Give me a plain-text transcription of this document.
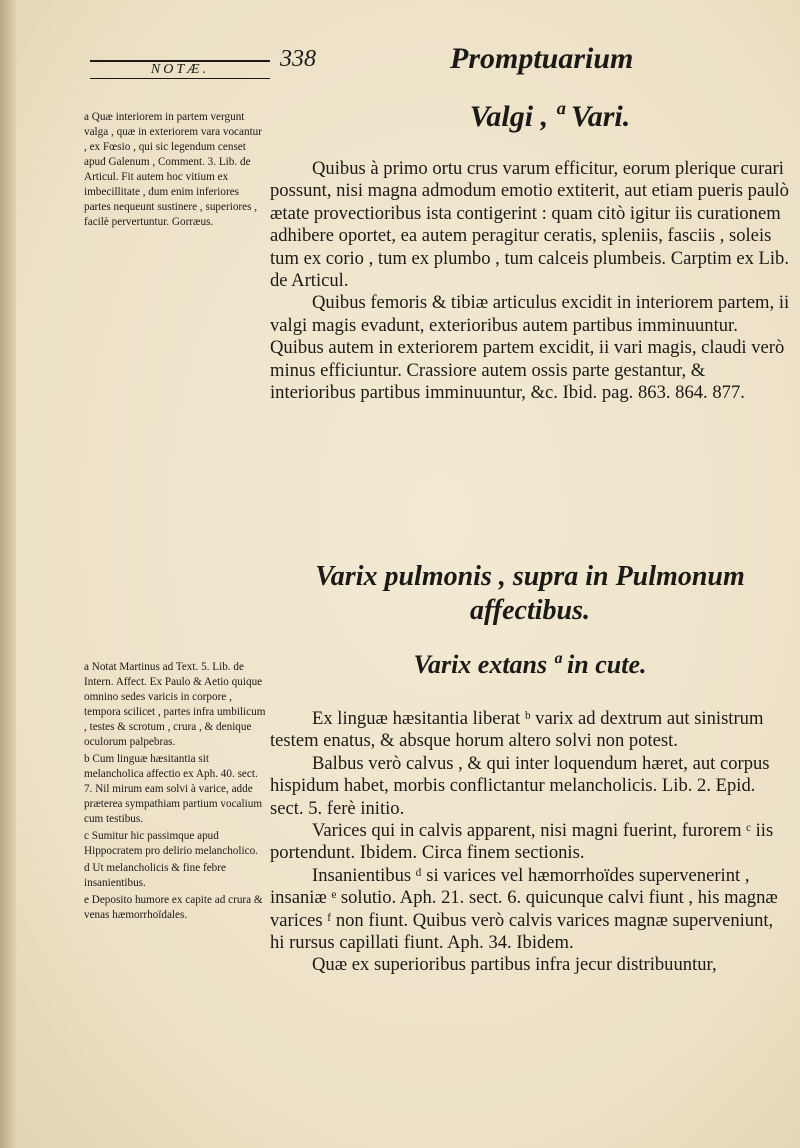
NOTÆ.	338	Promptuarium

a Quæ interiorem in partem vergunt valga , quæ in exteriorem vara vocantur , ex Fœsio , qui sic legendum censet apud Galenum , Comment. 3. Lib. de Articul. Fit autem hoc vitium ex imbecillitate , dum enim inferiores partes nequeunt sustinere , superiores , facilè pervertuntur. Gorræus.

Valgi , ª Vari.

Quibus à primo ortu crus varum efficitur, eorum plerique curari possunt, nisi magna admodum emotio extiterit, aut etiam pueris paulò ætate provectioribus ista contigerint : quam citò igitur iis curationem adhibere oportet, ea autem peragitur ceratis, spleniis, fasciis , soleis tum ex corio , tum ex plumbo , tum calceis plumbeis. Carptim ex Lib. de Articul.

Quibus femoris & tibiæ articulus excidit in interiorem partem, ii valgi magis evadunt, exterioribus autem partibus imminuuntur. Quibus autem in exteriorem partem excidit, ii vari magis, claudi verò minus efficiuntur. Crassiore autem ossis parte gestantur, & interioribus partibus imminuuntur, &c. Ibid. pag. 863. 864. 877.

Varix pulmonis , supra in Pulmonum affectibus.

a Notat Martinus ad Text. 5. Lib. de Intern. Affect. Ex Paulo & Aetio quique omnino sedes varicis in corpore , tempora scilicet , partes infra umbilicum , testes & scrotum , crura , & denique oculorum palpebras.

b Cum linguæ hæsitantia sit melancholica affectio ex Aph. 40. sect. 7. Nil mirum eam solvi à varice, adde præterea sympathiam partium vocalium cum testibus.

c Sumitur hic passimque apud Hippocratem pro delirio melancholico.

d Ut melancholicis & fine febre insanientibus.

e Deposito humore ex capite ad crura & venas hæmorrhoïdales.

Varix extans ª in cute.

Ex linguæ hæsitantia liberat ᵇ varix ad dextrum aut sinistrum testem enatus, & absque horum altero solvi non potest.

Balbus verò calvus , & qui inter loquendum hæret, aut corpus hispidum habet, morbis conflictantur melancholicis. Lib. 2. Epid. sect. 5. ferè initio.

Varices qui in calvis apparent, nisi magni fuerint, furorem ᶜ iis portendunt. Ibidem. Circa finem sectionis.

Insanientibus ᵈ si varices vel hæmorrhoïdes supervenerint , insaniæ ᵉ solutio. Aph. 21. sect. 6. quicunque calvi fiunt , his magnæ varices ᶠ non fiunt. Quibus verò calvis varices magnæ superveniunt, hi rursus capillati fiunt. Aph. 34. Ibidem.

Quæ ex superioribus partibus infra jecur distribuuntur,
